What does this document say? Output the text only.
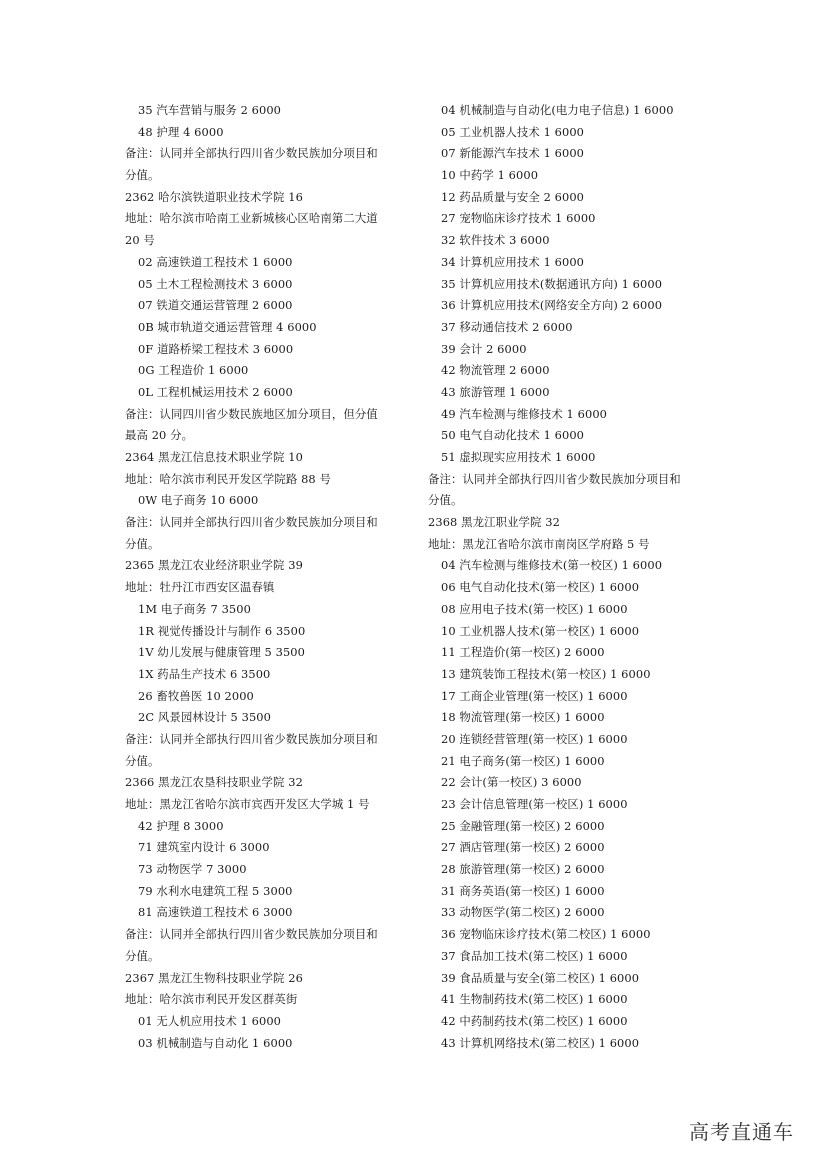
35 汽车营销与服务 2 6000
48 护理 4 6000
备注：认同并全部执行四川省少数民族加分项目和
分值。
2362 哈尔滨铁道职业技术学院 16
地址：哈尔滨市哈南工业新城核心区哈南第二大道
20 号
02 高速铁道工程技术 1 6000
05 土木工程检测技术 3 6000
07 铁道交通运营管理 2 6000
0B 城市轨道交通运营管理 4 6000
0F 道路桥梁工程技术 3 6000
0G 工程造价 1 6000
0L 工程机械运用技术 2 6000
备注：认同四川省少数民族地区加分项目，但分值
最高 20 分。
2364 黑龙江信息技术职业学院 10
地址：哈尔滨市利民开发区学院路 88 号
0W 电子商务 10 6000
备注：认同并全部执行四川省少数民族加分项目和
分值。
2365 黑龙江农业经济职业学院 39
地址：牡丹江市西安区温春镇
1M 电子商务 7 3500
1R 视觉传播设计与制作 6 3500
1V 幼儿发展与健康管理 5 3500
1X 药品生产技术 6 3500
26 畜牧兽医 10 2000
2C 风景园林设计 5 3500
备注：认同并全部执行四川省少数民族加分项目和
分值。
2366 黑龙江农垦科技职业学院 32
地址：黑龙江省哈尔滨市宾西开发区大学城 1 号
42 护理 8 3000
71 建筑室内设计 6 3000
73 动物医学 7 3000
79 水利水电建筑工程 5 3000
81 高速铁道工程技术 6 3000
备注：认同并全部执行四川省少数民族加分项目和
分值。
2367 黑龙江生物科技职业学院 26
地址：哈尔滨市利民开发区群英街
01 无人机应用技术 1 6000
03 机械制造与自动化 1 6000
04 机械制造与自动化(电力电子信息) 1 6000
05 工业机器人技术 1 6000
07 新能源汽车技术 1 6000
10 中药学 1 6000
12 药品质量与安全 2 6000
27 宠物临床诊疗技术 1 6000
32 软件技术 3 6000
34 计算机应用技术 1 6000
35 计算机应用技术(数据通讯方向) 1 6000
36 计算机应用技术(网络安全方向) 2 6000
37 移动通信技术 2 6000
39 会计 2 6000
42 物流管理 2 6000
43 旅游管理 1 6000
49 汽车检测与维修技术 1 6000
50 电气自动化技术 1 6000
51 虚拟现实应用技术 1 6000
备注：认同并全部执行四川省少数民族加分项目和
分值。
2368 黑龙江职业学院 32
地址：黑龙江省哈尔滨市南岗区学府路 5 号
04 汽车检测与维修技术(第一校区) 1 6000
06 电气自动化技术(第一校区) 1 6000
08 应用电子技术(第一校区) 1 6000
10 工业机器人技术(第一校区) 1 6000
11 工程造价(第一校区) 2 6000
13 建筑装饰工程技术(第一校区) 1 6000
17 工商企业管理(第一校区) 1 6000
18 物流管理(第一校区) 1 6000
20 连锁经营管理(第一校区) 1 6000
21 电子商务(第一校区) 1 6000
22 会计(第一校区) 3 6000
23 会计信息管理(第一校区) 1 6000
25 金融管理(第一校区) 2 6000
27 酒店管理(第一校区) 2 6000
28 旅游管理(第一校区) 2 6000
31 商务英语(第一校区) 1 6000
33 动物医学(第二校区) 2 6000
36 宠物临床诊疗技术(第二校区) 1 6000
37 食品加工技术(第二校区) 1 6000
39 食品质量与安全(第二校区) 1 6000
41 生物制药技术(第二校区) 1 6000
42 中药制药技术(第二校区) 1 6000
43 计算机网络技术(第二校区) 1 6000
高考直通车
